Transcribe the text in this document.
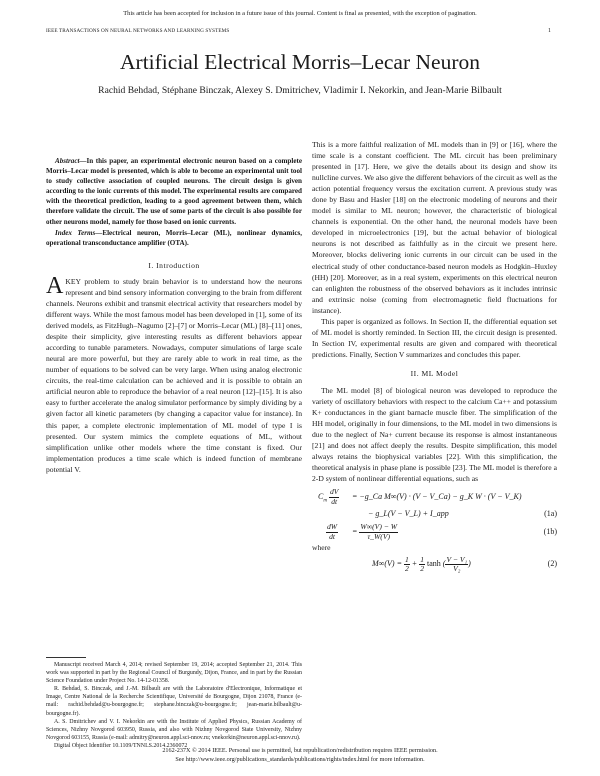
This article has been accepted for inclusion in a future issue of this journal. Content is final as presented, with the exception of pagination.
IEEE TRANSACTIONS ON NEURAL NETWORKS AND LEARNING SYSTEMS	1
Artificial Electrical Morris–Lecar Neuron
Rachid Behdad, Stéphane Binczak, Alexey S. Dmitrichev, Vladimir I. Nekorkin, and Jean-Marie Bilbault

Abstract—In this paper, an experimental electronic neuron based on a complete Morris–Lecar model is presented, which is able to become an experimental unit tool to study collective association of coupled neurons. The circuit design is given according to the ionic currents of this model. The experimental results are compared with the theoretical prediction, leading to a good agreement between them, which therefore validate the circuit. The use of some parts of the circuit is also possible for other neurons model, namely for those based on ionic currents.

Index Terms—Electrical neuron, Morris–Lecar (ML), nonlinear dynamics, operational transconductance amplifier (OTA).

I. Introduction

AKEY problem to study brain behavior is to understand how the neurons represent and bind sensory information converging to the brain from different channels. Neurons exhibit and transmit electrical activity that researchers model by different ways. While the most famous model has been developed in [1], some of its derived models, as FitzHugh–Nagumo [2]–[7] or Morris–Lecar (ML) [8]–[11] ones, despite their simplicity, give interesting results as different behaviors appear according to tunable parameters. Nowadays, computer simulations of large scale neural are more powerful, but they are rarely able to work in real time, as the number of equations to be solved can be very large. When using analog electronic circuits, the real-time calculation can be achieved and it is possible to obtain an artificial neuron able to reproduce the behavior of a real neuron [12]–[15]. It is also easy to further accelerate the analog simulator performance by simply dividing by a given factor all kinetic parameters (by changing a capacitor value for instance). In this paper, a complete electronic implementation of ML model of type I is presented. Our system mimics the complete equations of ML, without simplification unlike other models where the time constant is fixed. Our implementation produces a time scale which is indeed function of membrane potential V.

Manuscript received March 4, 2014; revised September 19, 2014; accepted September 21, 2014. This work was supported in part by the Regional Council of Burgundy, Dijon, France, and in part by the Russian Science Foundation under Project No. 14-12-01358.

R. Behdad, S. Binczak, and J.-M. Bilbault are with the Laboratoire d'Electronique, Informatique et Image, Centre National de la Recherche Scientifique, Université de Bourgogne, Dijon 21078, France (e-mail: rachid.behdad@u-bourgogne.fr; stephane.binczak@u-bourgogne.fr; jean-marie.bilbault@u-bourgogne.fr).

A. S. Dmitrichev and V. I. Nekorkin are with the Institute of Applied Physics, Russian Academy of Sciences, Nizhny Novgorod 603950, Russia, and also with Nizhny Novgorod State University, Nizhny Novgorod 603155, Russia (e-mail: admitry@neuron.appl.sci-nnov.ru; vnekorkin@neuron.appl.sci-nnov.ru).

Digital Object Identifier 10.1109/TNNLS.2014.2360072

This is a more faithful realization of ML models than in [9] or [16], where the time scale is a constant coefficient. The ML circuit has been preliminary presented in [17]. Here, we give the details about its design and show its nullcline curves. We also give the different behaviors of the circuit as well as the action potential frequency versus the excitation current. A previous study was done by Basu and Hasler [18] on the electronic modeling of neurons and their model is similar to ML neuron; however, the characteristic of biological channels is exponential. On the other hand, the neuronal models have been developed in microelectronics [19], but the actual behavior of biological neurons is not described as faithfully as in the circuit we present here. Moreover, blocks delivering ionic currents in our circuit can be used in the electrical study of other conductance-based neuron models as Hodgkin–Huxley (HH) [20]. Moreover, as in a real system, experiments on this electrical neuron can enlighten the robustness of the observed behaviors as it includes intrinsic and extrinsic noise (coming from electromagnetic field fluctuations for instance).

This paper is organized as follows. In Section II, the differential equation set of ML model is shortly reminded. In Section III, the circuit design is presented. In Section IV, experimental results are given and compared with theoretical predictions. Finally, Section V summarizes and concludes this paper.

II. ML Model

The ML model [8] of biological neuron was developed to reproduce the variety of oscillatory behaviors with respect to the calcium Ca++ and potassium K+ conductances in the giant barnacle muscle fiber. The simplification of the HH model, originally in four dimensions, to the ML model in two dimensions is due to the neglect of Na+ current because its response is almost instantaneous [21] and does not affect deeply the results. Despite simplification, this model always retains the biophysical variables [22]. With this simplification, the theoretical analysis in phase plane is possible [23]. The ML model is therefore a 2-D system of nonlinear differential equations, such as

$C_m \frac{dV}{dt}$ = −g_Ca M∞(V) · (V − V_Ca) − g_K W · (V − V_K)
− g_L(V − V_L) + I_app	(1a)
$\frac{dW}{dt} = \frac{W\infty(V) - W}{\tau\_W(V)}$	(1b)

where

$M\infty(V) = \frac{1}{2} + \frac{1}{2}$ tanh ( $\frac{\text{V − V₁}}{\text{V₂}}$ )	(2)
2162-237X © 2014 IEEE. Personal use is permitted, but republication/redistribution requires IEEE permission.
See http://www.ieee.org/publications_standards/publications/rights/index.html for more information.
